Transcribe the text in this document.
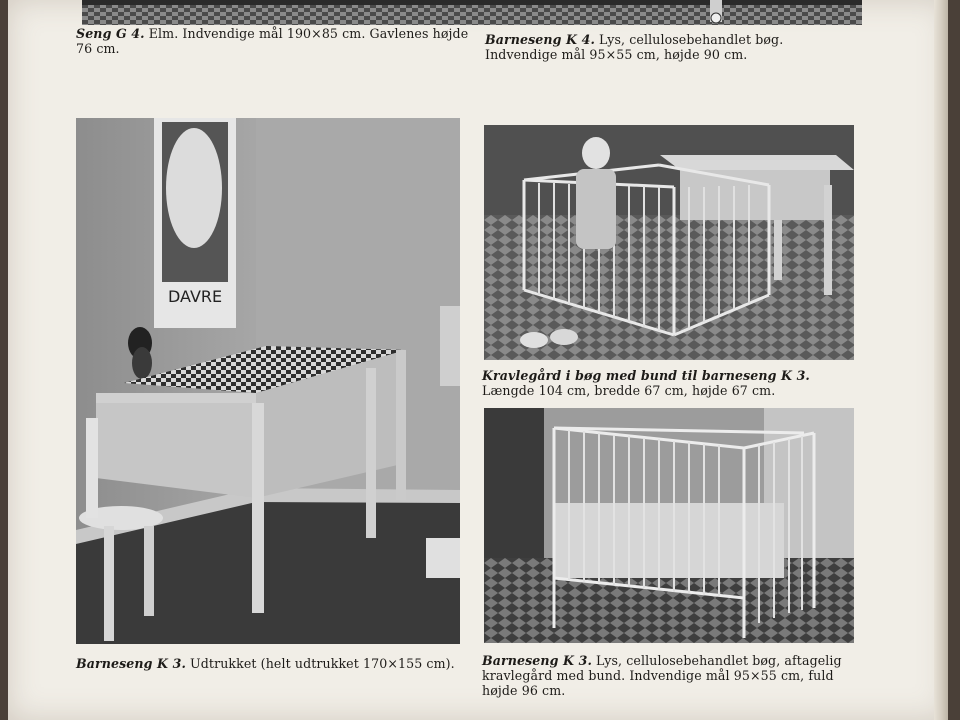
Seng G 4. Elm. Indvendige mål 190×85 cm. Gavlenes højde 76 cm.
Barneseng K 4. Lys, cellulosebehandlet bøg. Indvendige mål 95×55 cm, højde 90 cm.
DAVRE
Barneseng K 3. Udtrukket (helt udtrukket 170×155 cm).
Kravlegård i bøg med bund til barneseng K 3. Længde 104 cm, bredde 67 cm, højde 67 cm.
Barneseng K 3. Lys, cellulosebehandlet bøg, aftagelig kravlegård med bund. Indvendige mål 95×55 cm, fuld højde 96 cm.
